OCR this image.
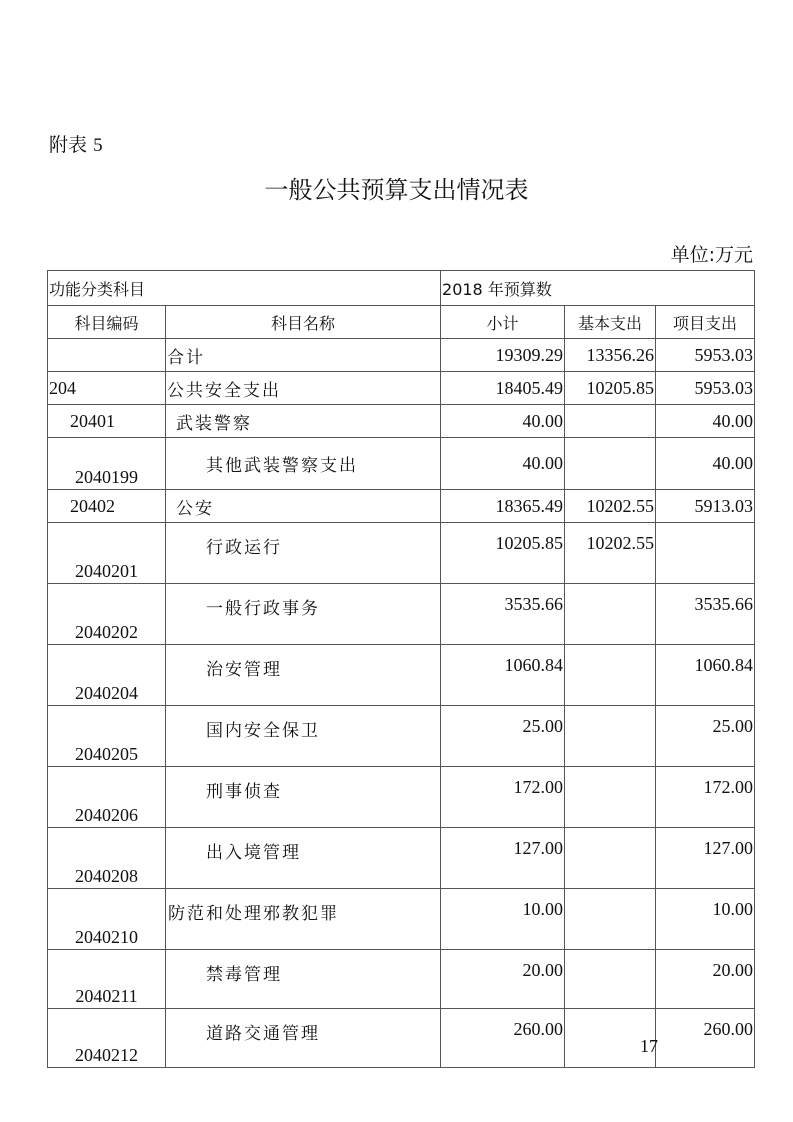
附表 5
一般公共预算支出情况表
单位:万元
功能分类科目		2018 年预算数		
科目编码	科目名称	小计	基本支出	项目支出
	合计	19309.29	13356.26	5953.03
204	公共安全支出	18405.49	10205.85	5953.03
20401	武装警察	40.00		40.00
2040199	其他武装警察支出	40.00		40.00
20402	公安	18365.49	10202.55	5913.03
2040201	行政运行	10205.85	10202.55	
2040202	一般行政事务	3535.66		3535.66
2040204	治安管理	1060.84		1060.84
2040205	国内安全保卫	25.00		25.00
2040206	刑事侦查	172.00		172.00
2040208	出入境管理	127.00		127.00
2040210	防范和处理邪教犯罪	10.00		10.00
2040211	禁毒管理	20.00		20.00
2040212	道路交通管理	260.00		260.00
17
